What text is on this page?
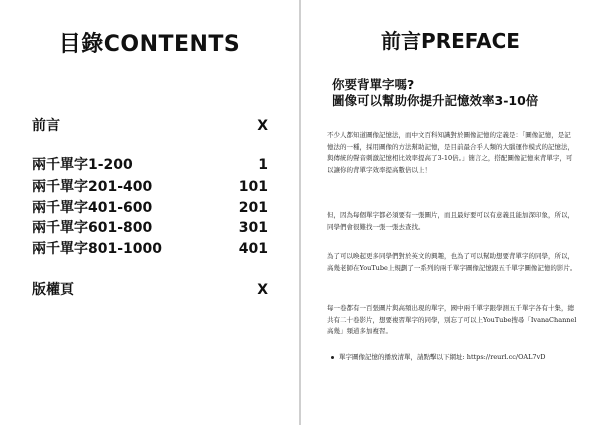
目錄CONTENTS
前言	X
兩千單字1-200	1
兩千單字201-400	101
兩千單字401-600	201
兩千單字601-800	301
兩千單字801-1000	401
版權頁	X
前言PREFACE
你要背單字嗎?
圖像可以幫助你提升記憶效率3-10倍
不少人都知道圖像記憶法，而中文百科知識對於圖像記憶的定義是：「圖像記憶，是記憶法的一種，採用圖像的方法幫助記憶，是目前最合乎人類的大腦運作模式的記憶法，與傳統的聲音刺激記憶相比效率提高了3-10倍。」簡言之，搭配圖像記憶來背單字，可以讓你的背單字效率提高數倍以上！
但，因為每個單字都必須要有一張圖片，而且最好要可以有意義且能加深印象，所以，同學們會很難找一張一張去查找。
為了可以喚起更多同學們對於英文的興趣，也為了可以幫助想要背單字的同學，所以，高幾老師在YouTube上規劃了一系列的兩千單字圖像記憶跟五千單字圖像記憶的影片。
每一卷都有一百張圖片與高頻出現的單字，國中兩千單字跟學測五千單字各有十集，總共有二十卷影片，想要複習單字的同學，別忘了可以上YouTube搜尋「IvanaChannel高幾」頻道多加複習。
單字圖像記憶的播放清單，請點擊以下網址: https://reurl.cc/OAL7vD
